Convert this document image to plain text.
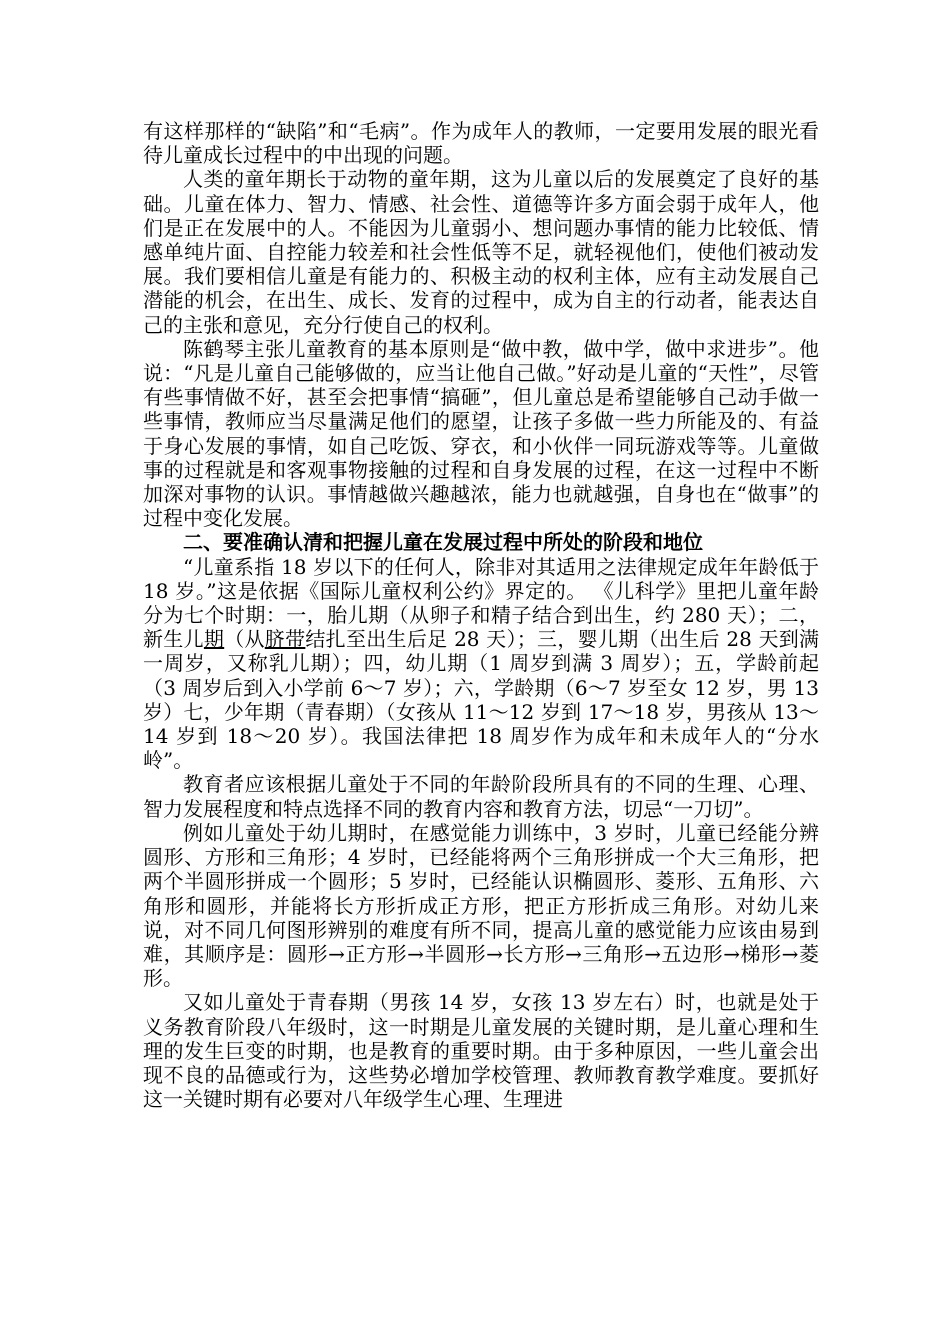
有这样那样的“缺陷”和“毛病”。作为成年人的教师，一定要用发展的眼光看待儿童成长过程中的中出现的问题。

人类的童年期长于动物的童年期，这为儿童以后的发展奠定了良好的基础。儿童在体力、智力、情感、社会性、道德等许多方面会弱于成年人，他们是正在发展中的人。不能因为儿童弱小、想问题办事情的能力比较低、情感单纯片面、自控能力较差和社会性低等不足，就轻视他们，使他们被动发展。我们要相信儿童是有能力的、积极主动的权利主体，应有主动发展自己潜能的机会，在出生、成长、发育的过程中，成为自主的行动者，能表达自己的主张和意见，充分行使自己的权利。

陈鹤琴主张儿童教育的基本原则是“做中教，做中学，做中求进步”。他说：“凡是儿童自己能够做的，应当让他自己做。”好动是儿童的“天性”，尽管有些事情做不好，甚至会把事情“搞砸”，但儿童总是希望能够自己动手做一些事情，教师应当尽量满足他们的愿望，让孩子多做一些力所能及的、有益于身心发展的事情，如自己吃饭、穿衣，和小伙伴一同玩游戏等等。儿童做事的过程就是和客观事物接触的过程和自身发展的过程，在这一过程中不断加深对事物的认识。事情越做兴趣越浓，能力也就越强，自身也在“做事”的过程中变化发展。

二、要准确认清和把握儿童在发展过程中所处的阶段和地位

“儿童系指 18 岁以下的任何人，除非对其适用之法律规定成年年龄低于 18 岁。”这是依据《国际儿童权利公约》界定的。 《儿科学》里把儿童年龄分为七个时期：一，胎儿期（从卵子和精子结合到出生，约 280 天）；二，新生儿期（从脐带结扎至出生后足 28 天）；三，婴儿期（出生后 28 天到满一周岁，又称乳儿期）；四，幼儿期（1 周岁到满 3 周岁）；五，学龄前起（3 周岁后到入小学前 6～7 岁）；六，学龄期（6～7 岁至女 12 岁，男 13 岁）七，少年期（青春期）（女孩从 11～12 岁到 17～18 岁，男孩从 13～14 岁到 18～20 岁）。我国法律把 18 周岁作为成年和未成年人的“分水岭”。

教育者应该根据儿童处于不同的年龄阶段所具有的不同的生理、心理、智力发展程度和特点选择不同的教育内容和教育方法，切忌“一刀切”。

例如儿童处于幼儿期时，在感觉能力训练中，3 岁时，儿童已经能分辨圆形、方形和三角形；4 岁时，已经能将两个三角形拼成一个大三角形，把两个半圆形拼成一个圆形；5 岁时，已经能认识椭圆形、菱形、五角形、六角形和圆形，并能将长方形折成正方形，把正方形折成三角形。对幼儿来说，对不同几何图形辨别的难度有所不同，提高儿童的感觉能力应该由易到难，其顺序是：圆形→正方形→半圆形→长方形→三角形→五边形→梯形→菱形。

又如儿童处于青春期（男孩 14 岁，女孩 13 岁左右）时，也就是处于义务教育阶段八年级时，这一时期是儿童发展的关键时期，是儿童心理和生理的发生巨变的时期，也是教育的重要时期。由于多种原因，一些儿童会出现不良的品德或行为，这些势必增加学校管理、教师教育教学难度。要抓好这一关键时期有必要对八年级学生心理、生理进
